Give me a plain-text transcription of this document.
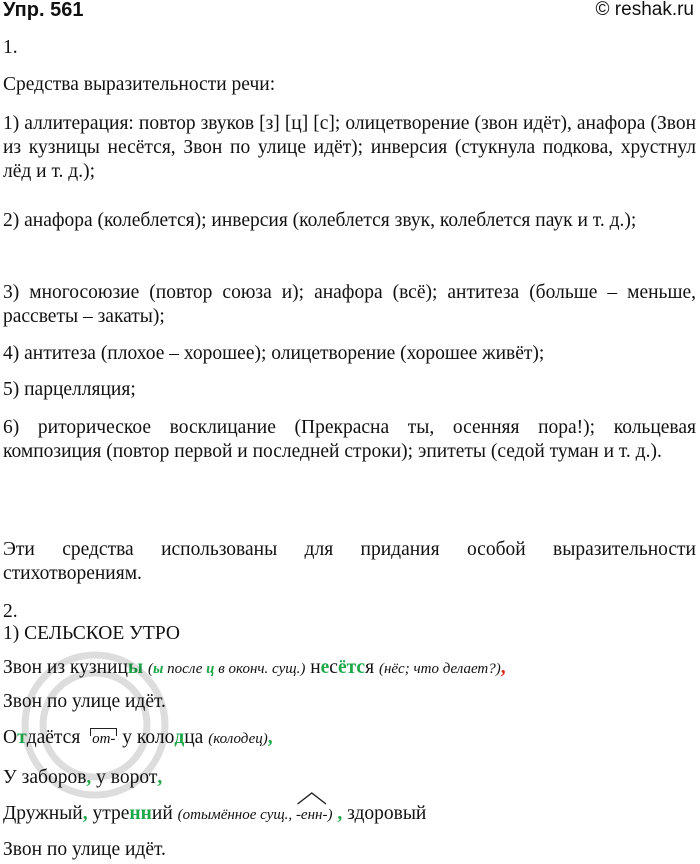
Упр. 561	© reshak.ru
1.
Средства выразительности речи:
1) аллитерация: повтор звуков [з] [ц] [с]; олицетворение (звон идёт), анафора (Звон из кузницы несётся, Звон по улице идёт); инверсия (стукнула подкова, хрустнул лёд и т. д.);
2) анафора (колеблется); инверсия (колеблется звук, колеблется паук и т. д.);
3) многосоюзие (повтор союза и); анафора (всё); антитеза (больше – меньше, рассветы – закаты);
4) антитеза (плохое – хорошее); олицетворение (хорошее живёт);
5) парцелляция;
6) риторическое восклицание (Прекрасна ты, осенняя пора!); кольцевая композиция (повтор первой и последней строки); эпитеты (седой туман и т. д.).
Эти средства использованы для придания особой выразительности стихотворениям.
2.
1) СЕЛЬСКОЕ УТРО
Звон из кузницы (ы после ц в оконч. сущ.) несётся (нёс; что делает?),
Звон по улице идёт.
Отдаётся от- у колодца (колодец),
У заборов, у ворот,
Дружный, утренний (отымённое сущ.,
-енн-) , здоровый
Звон по улице идёт.
